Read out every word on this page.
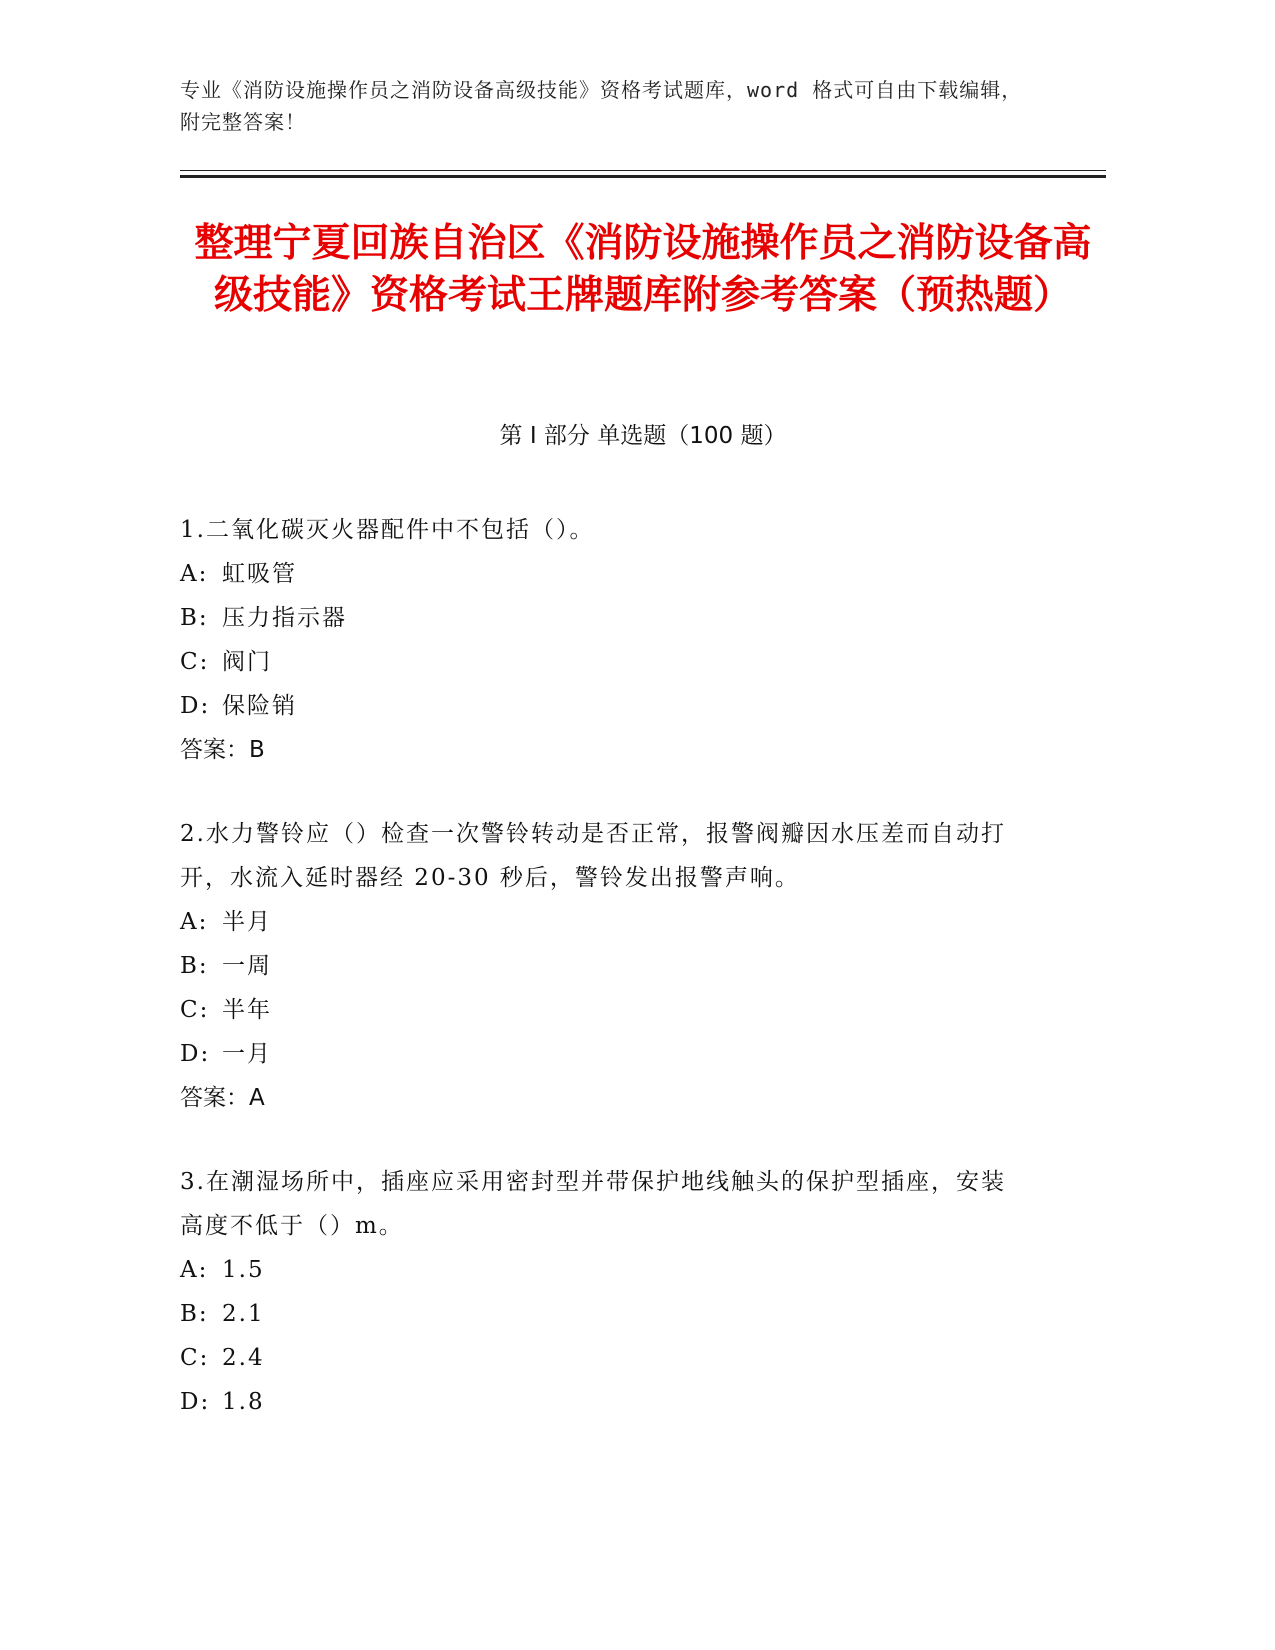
专业《消防设施操作员之消防设备高级技能》资格考试题库，word 格式可自由下载编辑，附完整答案！
整理宁夏回族自治区《消防设施操作员之消防设备高级技能》资格考试王牌题库附参考答案（预热题）
第 I 部分 单选题（100 题）

1.二氧化碳灭火器配件中不包括（）。

A: 虹吸管

B: 压力指示器

C: 阀门

D: 保险销

答案：B

2.水力警铃应（）检查一次警铃转动是否正常，报警阀瓣因水压差而自动打开，水流入延时器经 20-30 秒后，警铃发出报警声响。

A: 半月

B: 一周

C: 半年

D: 一月

答案：A

3.在潮湿场所中，插座应采用密封型并带保护地线触头的保护型插座，安装高度不低于（）m。

A: 1.5

B: 2.1

C: 2.4

D: 1.8
